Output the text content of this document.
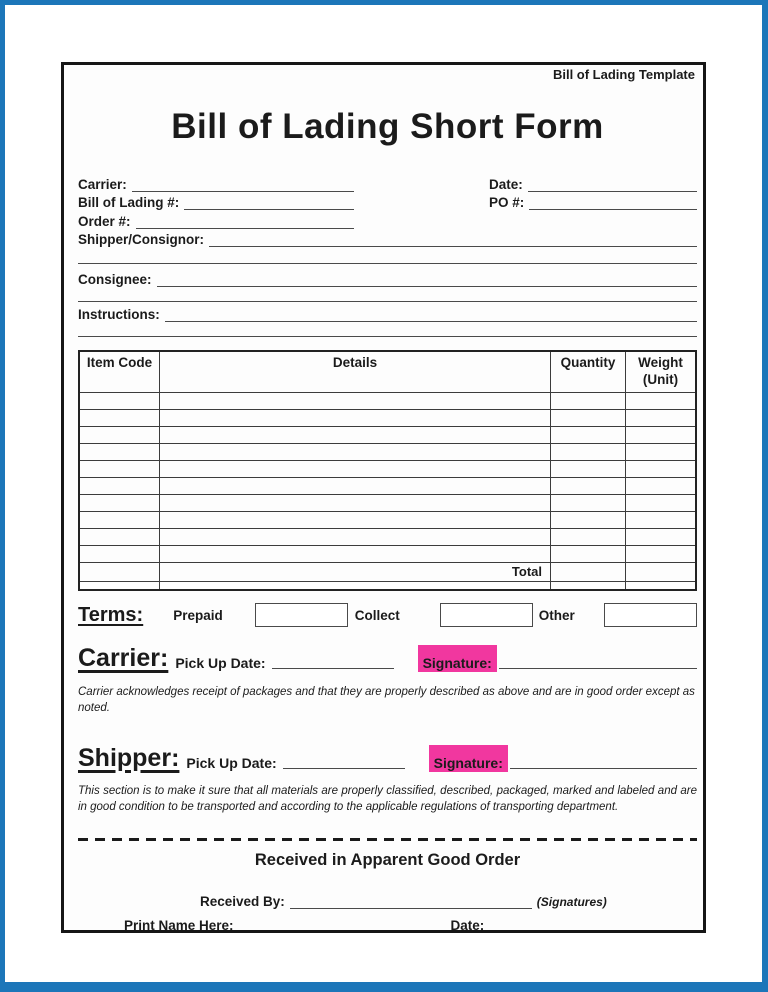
Bill of Lading Template
Bill of Lading Short Form
Carrier:	Date:
Bill of Lading #:	PO #:
Order #:
Shipper/Consignor:
Consignee:
Instructions:
Item Code	Details	Quantity Weight
(Unit)
Total
Terms: Prepaid	Collect	Other
Carrier: Pick Up Date:	Signature:
Carrier acknowledges receipt of packages and that they are properly described as above and are in good order except as noted.
Shipper: Pick Up Date:	Signature:
This section is to make it sure that all materials are properly classified, described, packaged, marked and labeled and are in good condition to be transported and according to the applicable regulations of transporting department.
Received in Apparent Good Order
Received By:	(Signatures)
Print Name Here:	Date:
